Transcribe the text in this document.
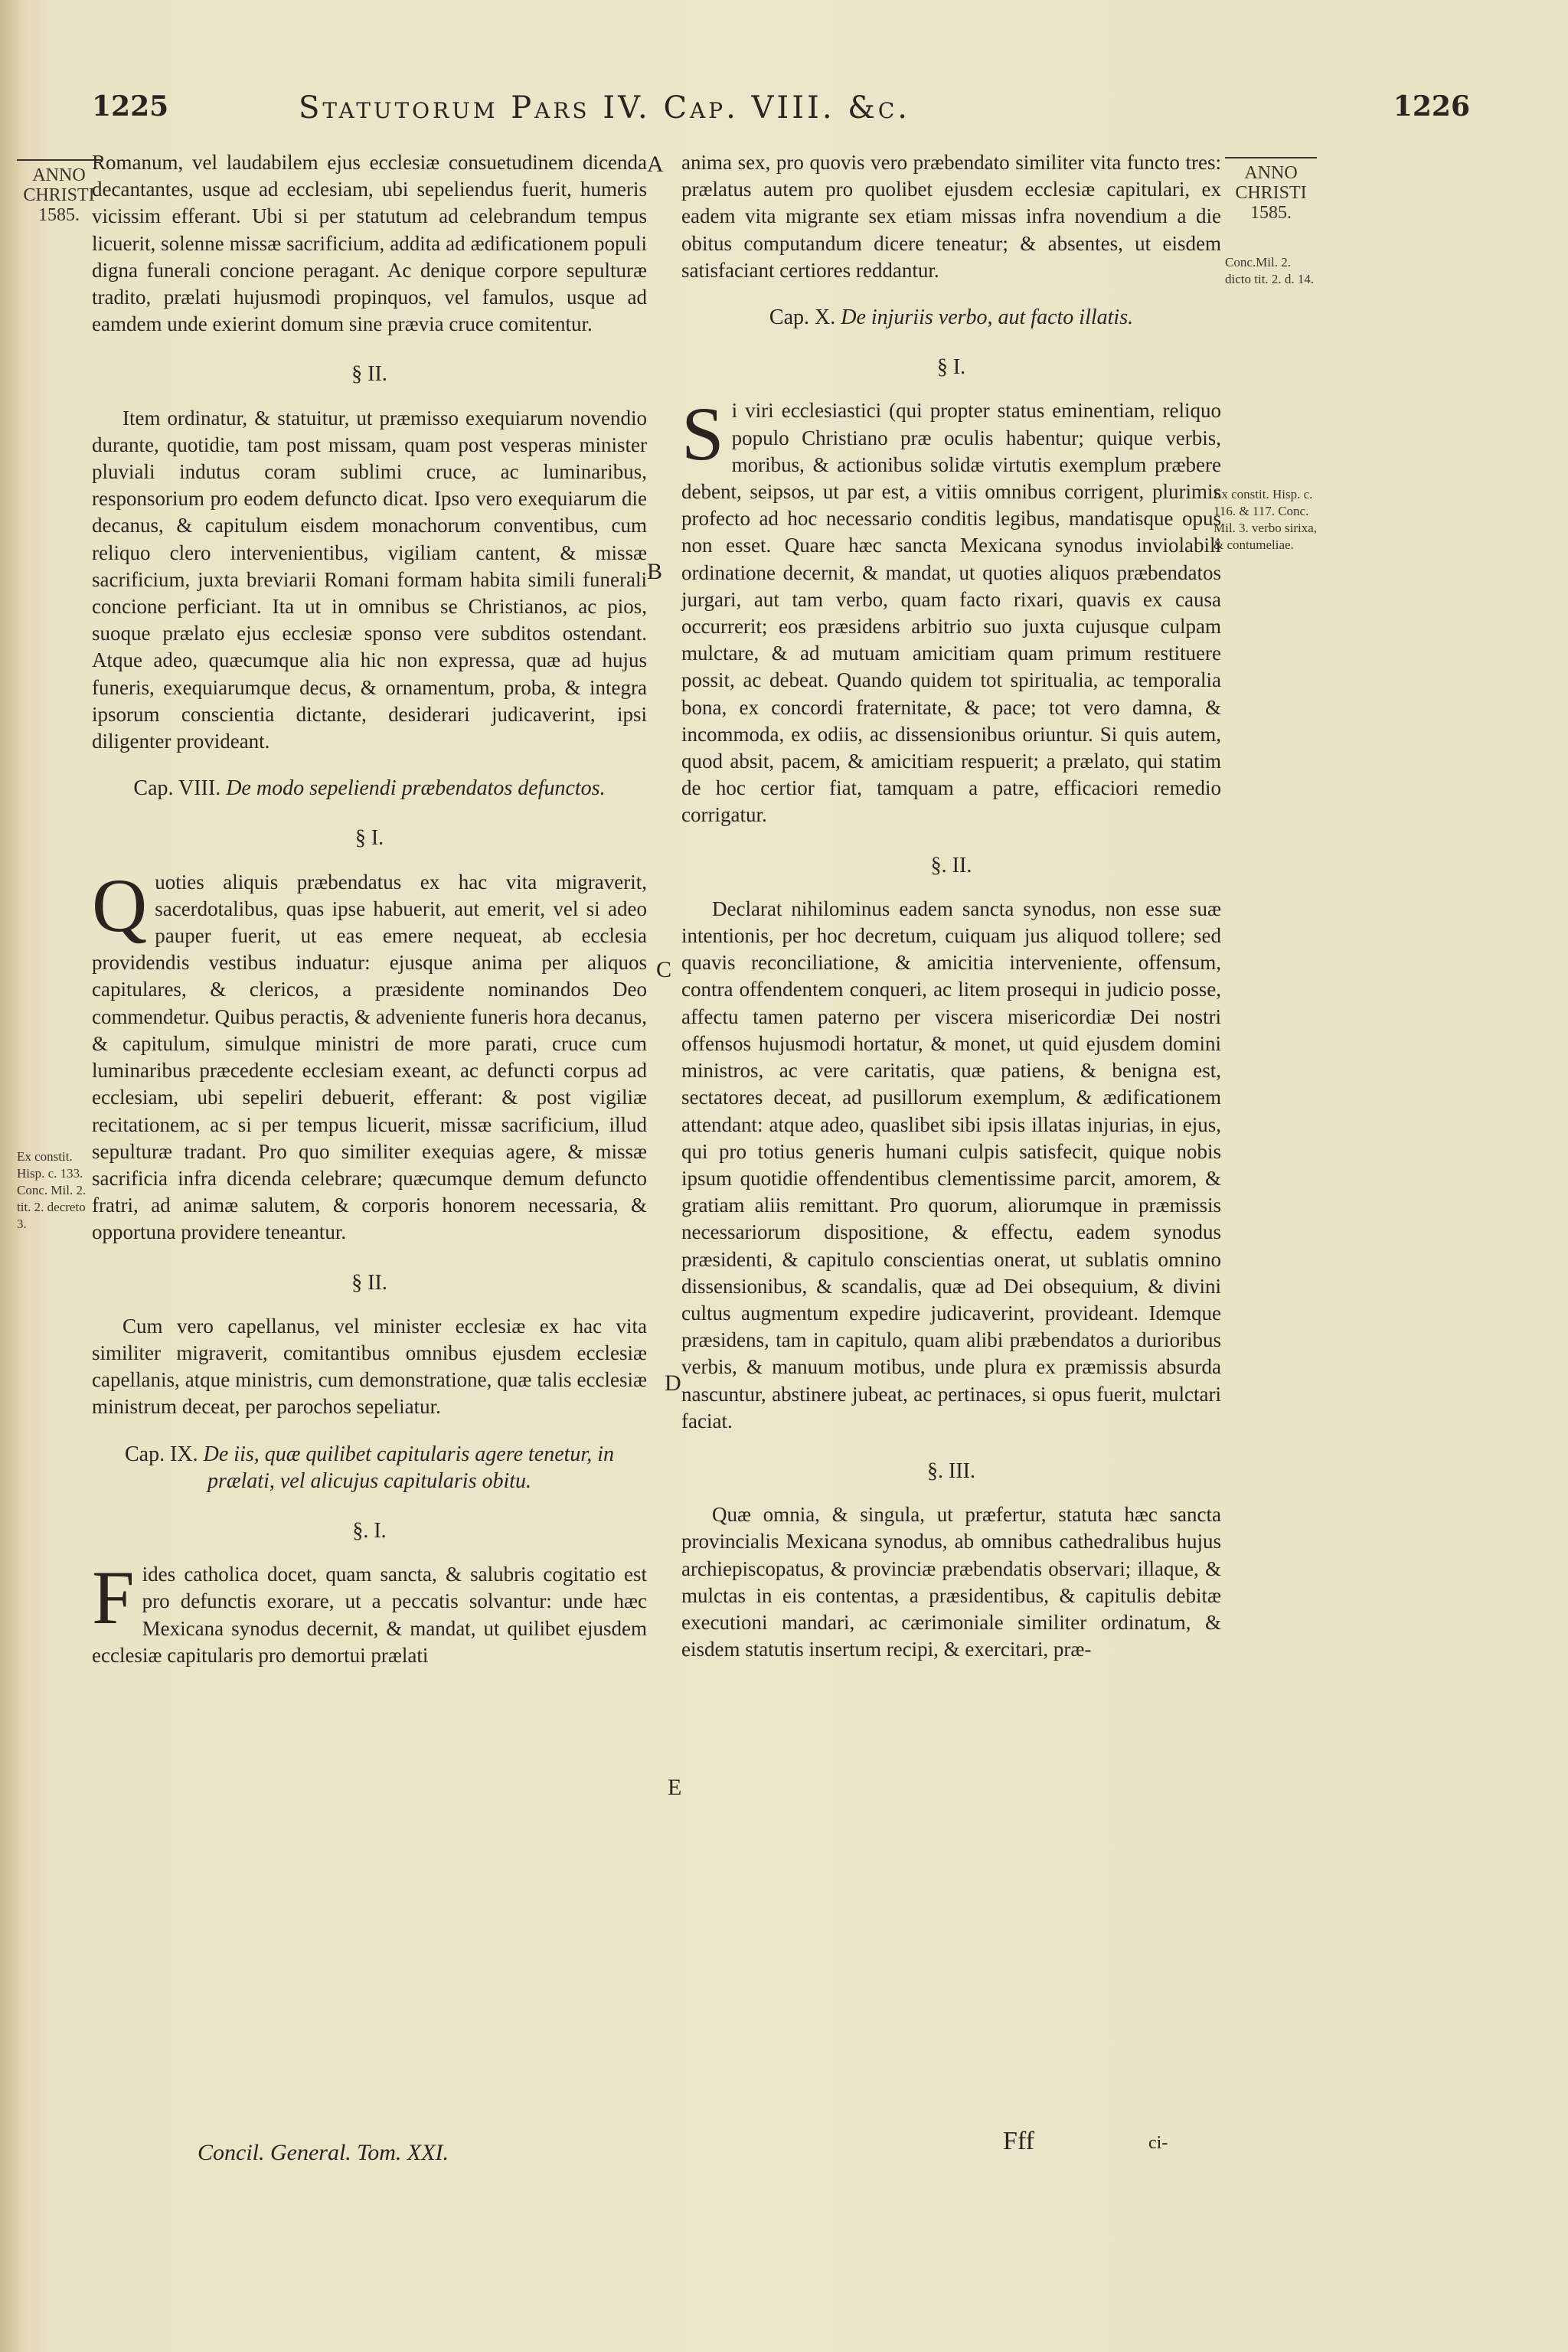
1225	Statutorum Pars IV. Cap. VIII. &c.	1226
ANNO CHRISTI 1585.
ANNO CHRISTI 1585.
Conc.Mil. 2. dicto tit. 2. d. 14.
Ex constit. Hisp. c. 133. Conc. Mil. 2. tit. 2. decreto 3.
Ex constit. Hisp. c. 116. & 117. Conc. Mil. 3. verbo sirixa, & contumeliae.
A
B
C
D
E

Romanum, vel laudabilem ejus ecclesiæ consuetudinem dicenda decantantes, usque ad ecclesiam, ubi sepeliendus fuerit, humeris vicissim efferant. Ubi si per statutum ad celebrandum tempus licuerit, solenne missæ sacrificium, addita ad ædificationem populi digna funerali concione peragant. Ac denique corpore sepulturæ tradito, prælati hujusmodi propinquos, vel famulos, usque ad eamdem unde exierint domum sine prævia cruce comitentur.

§ II.

Item ordinatur, & statuitur, ut præmisso exequiarum novendio durante, quotidie, tam post missam, quam post vesperas minister pluviali indutus coram sublimi cruce, ac luminaribus, responsorium pro eodem defuncto dicat. Ipso vero exequiarum die decanus, & capitulum eisdem monachorum conventibus, cum reliquo clero intervenientibus, vigiliam cantent, & missæ sacrificium, juxta breviarii Romani formam habita simili funerali concione perficiant. Ita ut in omnibus se Christianos, ac pios, suoque prælato ejus ecclesiæ sponso vere subditos ostendant. Atque adeo, quæcumque alia hic non expressa, quæ ad hujus funeris, exequiarumque decus, & ornamentum, proba, & integra ipsorum conscientia dictante, desiderari judicaverint, ipsi diligenter provideant.

Cap. VIII. De modo sepeliendi præbendatos defunctos.
§ I.

Quoties aliquis præbendatus ex hac vita migraverit, sacerdotalibus, quas ipse habuerit, aut emerit, vel si adeo pauper fuerit, ut eas emere nequeat, ab ecclesia providendis vestibus induatur: ejusque anima per aliquos capitulares, & clericos, a præsidente nominandos Deo commendetur. Quibus peractis, & adveniente funeris hora decanus, & capitulum, simulque ministri de more parati, cruce cum luminaribus præcedente ecclesiam exeant, ac defuncti corpus ad ecclesiam, ubi sepeliri debuerit, efferant: & post vigiliæ recitationem, ac si per tempus licuerit, missæ sacrificium, illud sepulturæ tradant. Pro quo similiter exequias agere, & missæ sacrificia infra dicenda celebrare; quæcumque demum defuncto fratri, ad animæ salutem, & corporis honorem necessaria, & opportuna providere teneantur.

§ II.

Cum vero capellanus, vel minister ecclesiæ ex hac vita similiter migraverit, comitantibus omnibus ejusdem ecclesiæ capellanis, atque ministris, cum demonstratione, quæ talis ecclesiæ ministrum deceat, per parochos sepeliatur.

Cap. IX. De iis, quæ quilibet capitularis agere tenetur, in prælati, vel alicujus capitularis obitu.
§. I.

Fides catholica docet, quam sancta, & salubris cogitatio est pro defunctis exorare, ut a peccatis solvantur: unde hæc Mexicana synodus decernit, & mandat, ut quilibet ejusdem ecclesiæ capitularis pro demortui prælati

anima sex, pro quovis vero præbendato similiter vita functo tres: prælatus autem pro quolibet ejusdem ecclesiæ capitulari, ex eadem vita migrante sex etiam missas infra novendium a die obitus computandum dicere teneatur; & absentes, ut eisdem satisfaciant certiores reddantur.

Cap. X. De injuriis verbo, aut facto illatis.
§ I.

Si viri ecclesiastici (qui propter status eminentiam, reliquo populo Christiano præ oculis habentur; quique verbis, moribus, & actionibus solidæ virtutis exemplum præbere debent, seipsos, ut par est, a vitiis omnibus corrigent, plurimis profecto ad hoc necessario conditis legibus, mandatisque opus non esset. Quare hæc sancta Mexicana synodus inviolabili ordinatione decernit, & mandat, ut quoties aliquos præbendatos jurgari, aut tam verbo, quam facto rixari, quavis ex causa occurrerit; eos præsidens arbitrio suo juxta cujusque culpam mulctare, & ad mutuam amicitiam quam primum restituere possit, ac debeat. Quando quidem tot spiritualia, ac temporalia bona, ex concordi fraternitate, & pace; tot vero damna, & incommoda, ex odiis, ac dissensionibus oriuntur. Si quis autem, quod absit, pacem, & amicitiam respuerit; a prælato, qui statim de hoc certior fiat, tamquam a patre, efficaciori remedio corrigatur.

§. II.

Declarat nihilominus eadem sancta synodus, non esse suæ intentionis, per hoc decretum, cuiquam jus aliquod tollere; sed quavis reconciliatione, & amicitia interveniente, offensum, contra offendentem conqueri, ac litem prosequi in judicio posse, affectu tamen paterno per viscera misericordiæ Dei nostri offensos hujusmodi hortatur, & monet, ut quid ejusdem domini ministros, ac vere caritatis, quæ patiens, & benigna est, sectatores deceat, ad pusillorum exemplum, & ædificationem attendant: atque adeo, quaslibet sibi ipsis illatas injurias, in ejus, qui pro totius generis humani culpis satisfecit, quique nobis ipsum quotidie offendentibus clementissime parcit, amorem, & gratiam aliis remittant. Pro quorum, aliorumque in præmissis necessariorum dispositione, & effectu, eadem synodus præsidenti, & capitulo conscientias onerat, ut sublatis omnino dissensionibus, & scandalis, quæ ad Dei obsequium, & divini cultus augmentum expedire judicaverint, provideant. Idemque præsidens, tam in capitulo, quam alibi præbendatos a durioribus verbis, & manuum motibus, unde plura ex præmissis absurda nascuntur, abstinere jubeat, ac pertinaces, si opus fuerit, mulctari faciat.

§. III.

Quæ omnia, & singula, ut præfertur, statuta hæc sancta provincialis Mexicana synodus, ab omnibus cathedralibus hujus archiepiscopatus, & provinciæ præbendatis observari; illaque, & mulctas in eis contentas, a præsidentibus, & capitulis debitæ executioni mandari, ac cærimoniale similiter ordinatum, & eisdem statutis insertum recipi, & exercitari, præ-

Concil. General. Tom. XXI.	Fff	ci-
